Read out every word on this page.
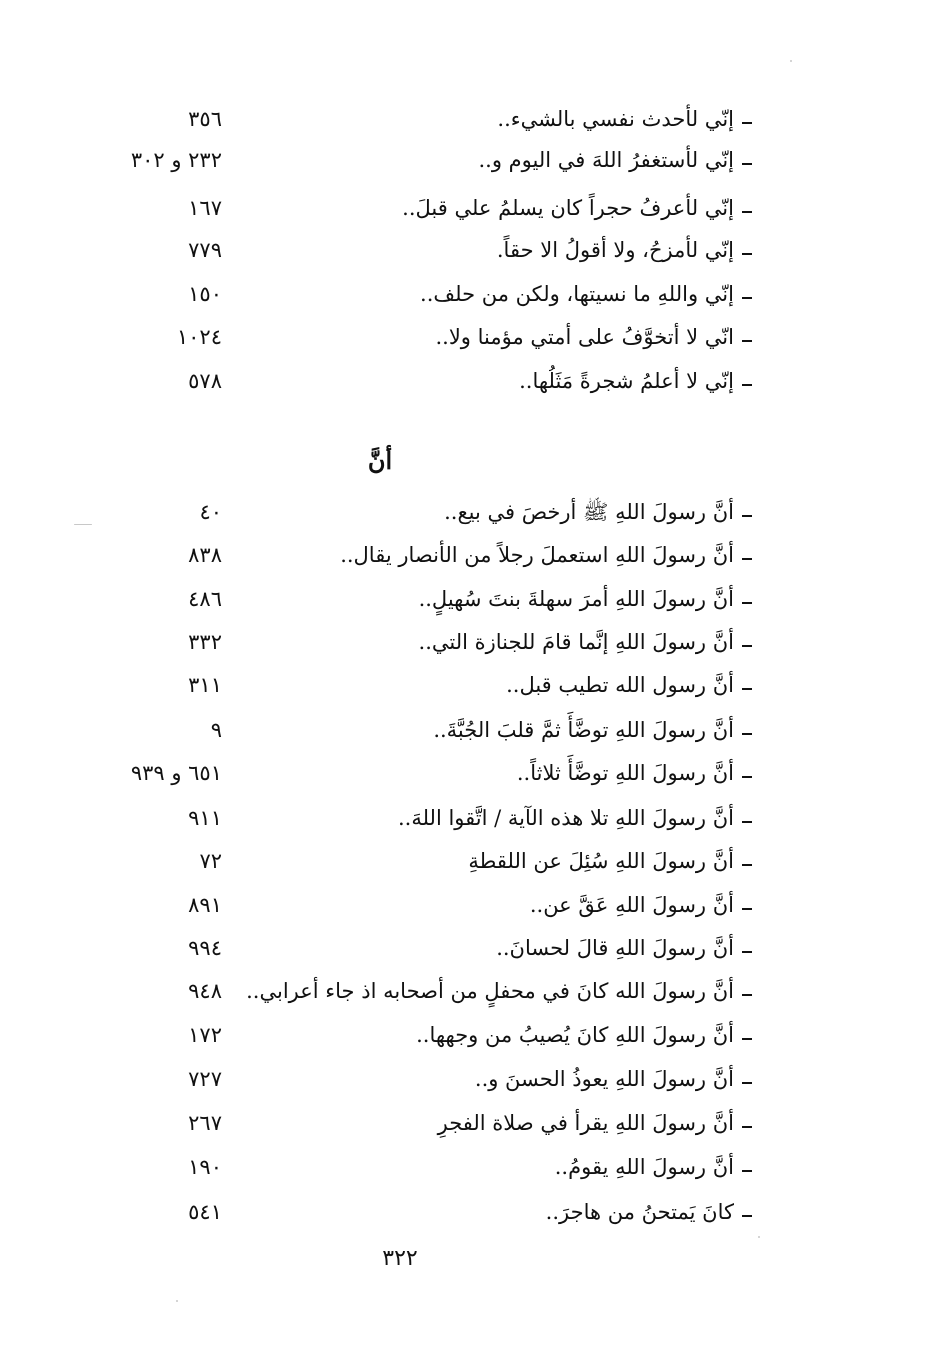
إنّي لأحدث نفسي بالشيء..
٣٥٦
إنّي لأستغفرُ اللهَ في اليوم و..
٢٣٢ و ٣٠٢
إنّي لأعرفُ حجراً كان يسلمُ علي قبلَ..
١٦٧
إنّي لأمزحُ، ولا أقولُ الا حقاً.
٧٧٩
إنّي واللهِ ما نسيتها، ولكن من حلف..
١٥٠
انّي لا أتخوَّفُ على أمتي مؤمنا ولا..
١٠٢٤
إنّي لا أعلمُ شجرةً مَثَلُها..
٥٧٨
أنَّ
أنَّ رسولَ اللهِ ﷺ أرخصَ في بيع..
٤٠
أنَّ رسولَ اللهِ استعملَ رجلاً من الأنصار يقال..
٨٣٨
أنَّ رسولَ اللهِ أمرَ سهلةَ بنتَ سُهيلٍ..
٤٨٦
أنَّ رسولَ اللهِ إنَّما قامَ للجنازة التي..
٣٣٢
أنَّ رسول الله تطيب قبل..
٣١١
أنَّ رسولَ اللهِ توضَّأَ ثمَّ قلبَ الجُبَّةَ..
٩
أنَّ رسولَ اللهِ توضَّأَ ثلاثاً..
٦٥١ و ٩٣٩
أنَّ رسولَ اللهِ تلا هذه الآية / اتَّقوا اللهَ..
٩١١
أنَّ رسولَ اللهِ سُئِلَ عن اللقطةِ
٧٢
أنَّ رسولَ اللهِ عَقَّ عن..
٨٩١
أنَّ رسولَ اللهِ قالَ لحسانَ..
٩٩٤
أنَّ رسولَ الله كانَ في محفلٍ من أصحابه اذ جاء أعرابي..
٩٤٨
أنَّ رسولَ اللهِ كانَ يُصيبُ من وجهها..
١٧٢
أنَّ رسولَ اللهِ يعوذُ الحسنَ و..
٧٢٧
أنَّ رسولَ اللهِ يقرأ في صلاة الفجرِ
٢٦٧
أنَّ رسولَ اللهِ يقومُ..
١٩٠
كانَ يَمتحنُ من هاجرَ..
٥٤١
٣٢٢
